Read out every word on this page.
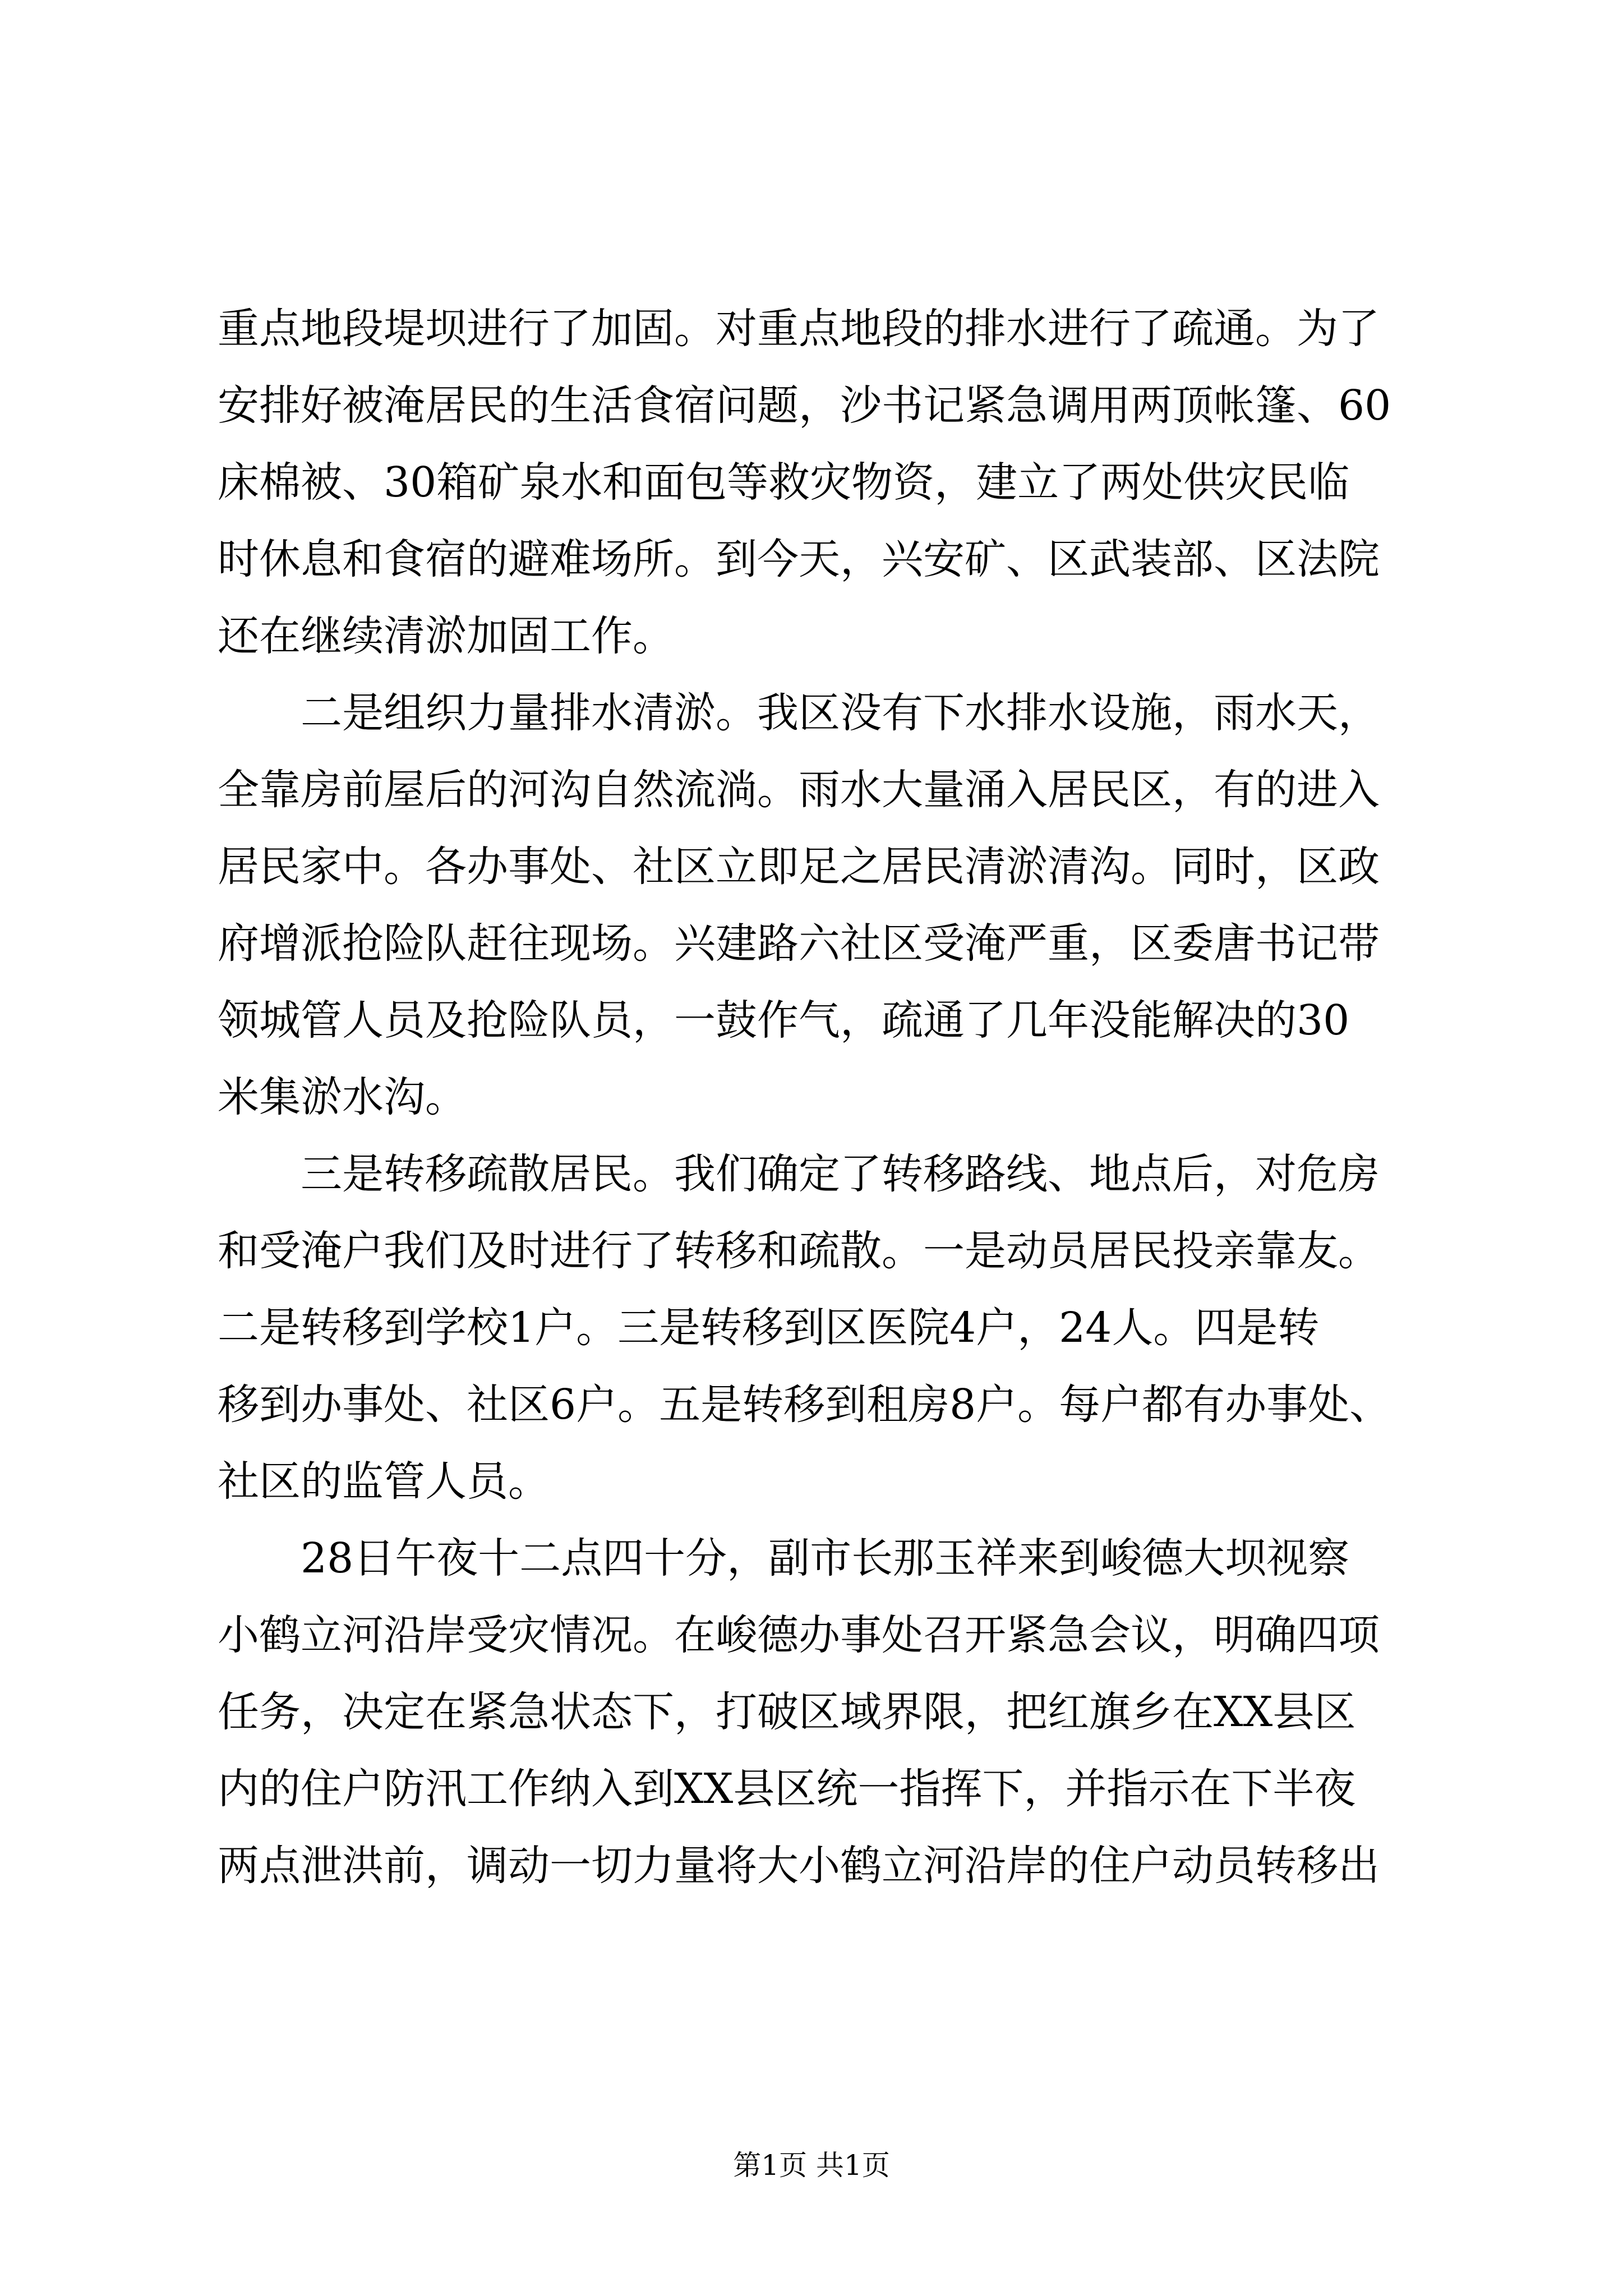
重点地段堤坝进行了加固。对重点地段的排水进行了疏通。为了
安排好被淹居民的生活食宿问题，沙书记紧急调用两顶帐篷、60
床棉被、30箱矿泉水和面包等救灾物资，建立了两处供灾民临
时休息和食宿的避难场所。到今天，兴安矿、区武装部、区法院
还在继续清淤加固工作。
二是组织力量排水清淤。我区没有下水排水设施，雨水天，
全靠房前屋后的河沟自然流淌。雨水大量涌入居民区，有的进入
居民家中。各办事处、社区立即足之居民清淤清沟。同时，区政
府增派抢险队赶往现场。兴建路六社区受淹严重，区委唐书记带
领城管人员及抢险队员，一鼓作气，疏通了几年没能解决的30
米集淤水沟。
三是转移疏散居民。我们确定了转移路线、地点后，对危房
和受淹户我们及时进行了转移和疏散。一是动员居民投亲靠友。
二是转移到学校1户。三是转移到区医院4户，24人。四是转
移到办事处、社区6户。五是转移到租房8户。每户都有办事处、
社区的监管人员。
28日午夜十二点四十分，副市长那玉祥来到峻德大坝视察
小鹤立河沿岸受灾情况。在峻德办事处召开紧急会议，明确四项
任务，决定在紧急状态下，打破区域界限，把红旗乡在XX县区
内的住户防汛工作纳入到XX县区统一指挥下，并指示在下半夜
两点泄洪前，调动一切力量将大小鹤立河沿岸的住户动员转移出
第1页 共1页
